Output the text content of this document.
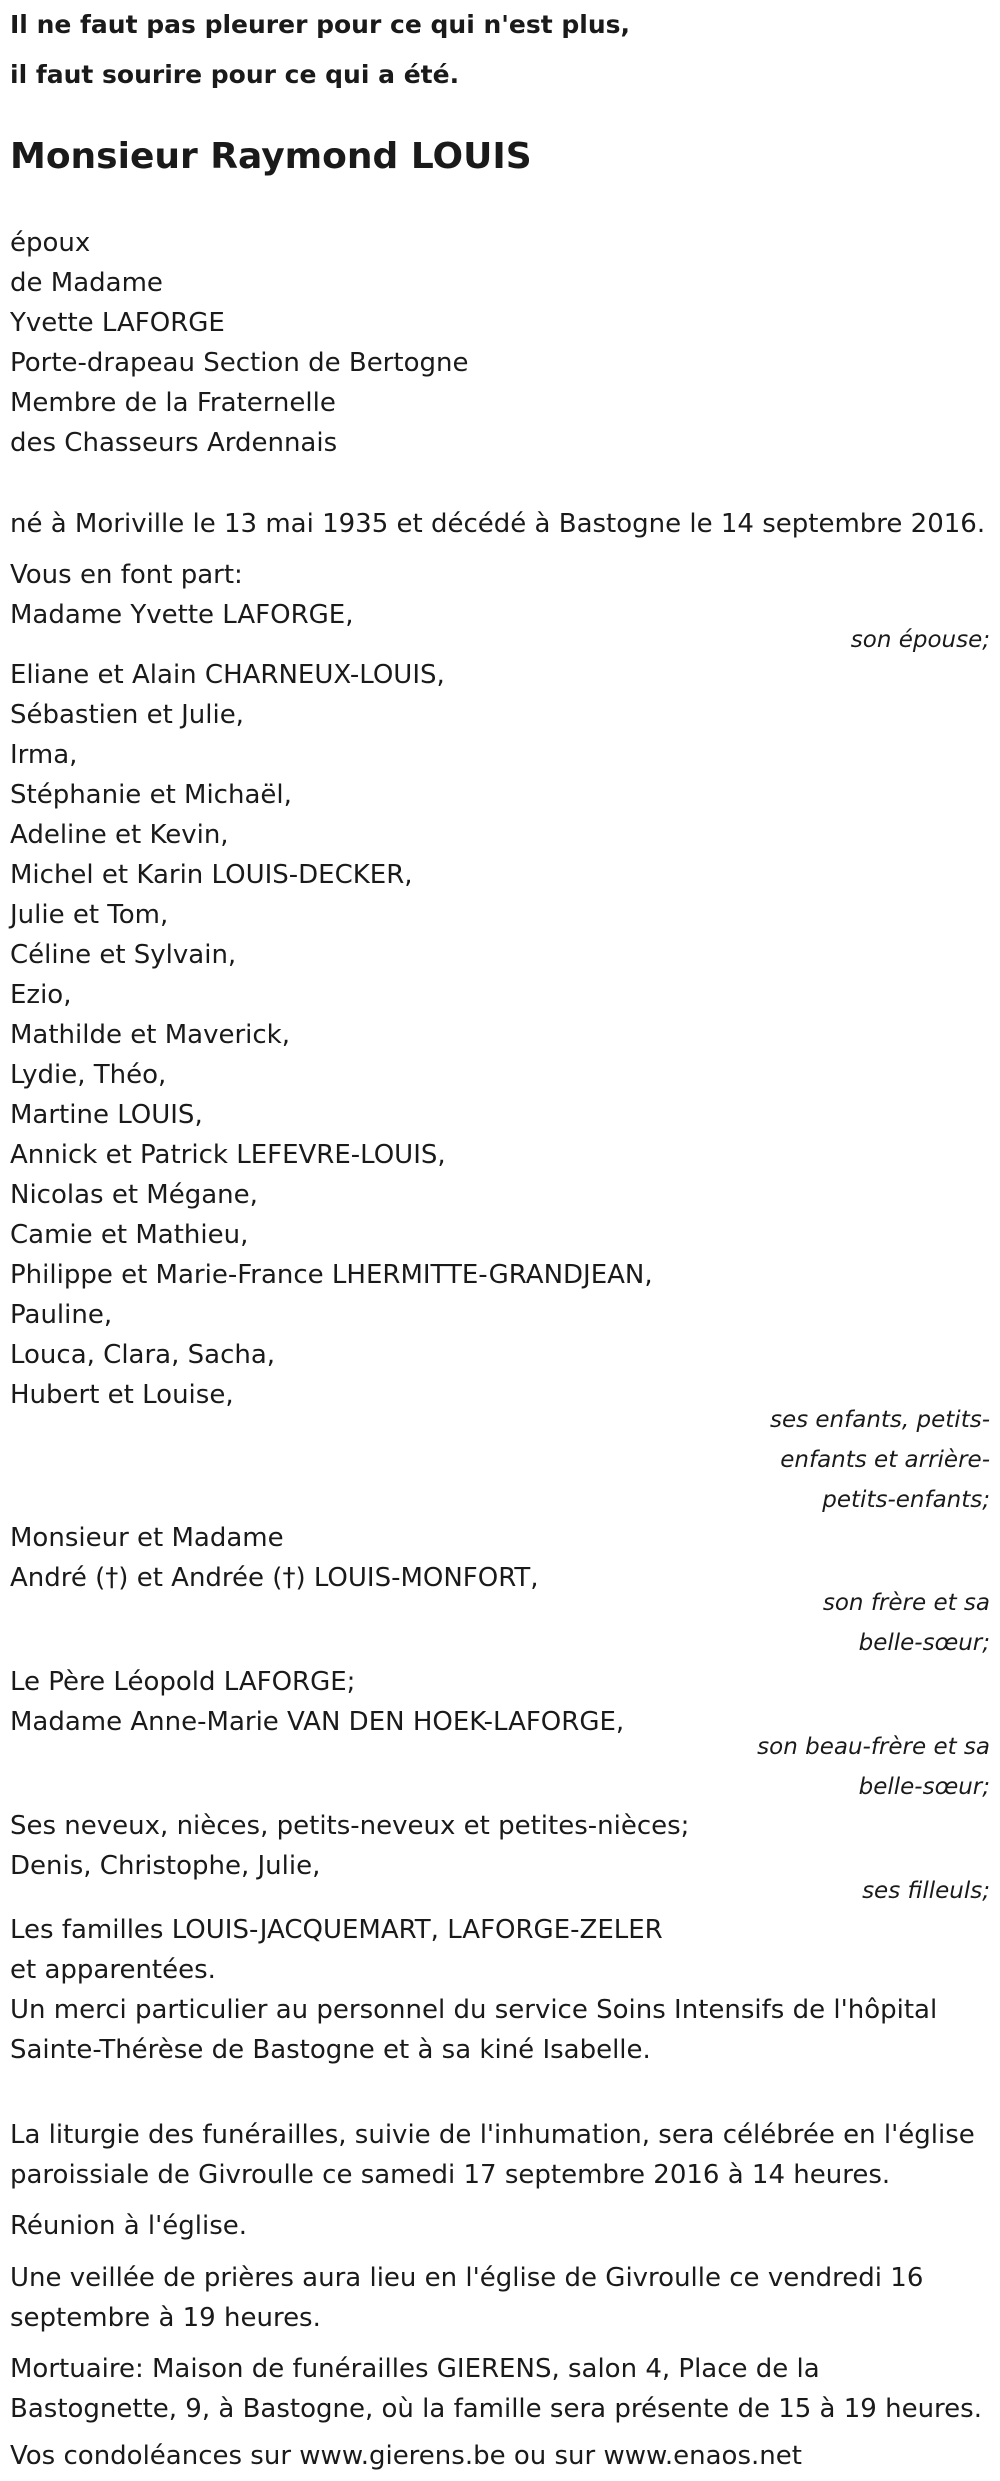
Il ne faut pas pleurer pour ce qui n'est plus,
il faut sourire pour ce qui a été.
Monsieur Raymond LOUIS
époux
de Madame
Yvette LAFORGE
Porte-drapeau Section de Bertogne
Membre de la Fraternelle
des Chasseurs Ardennais
né à Moriville le 13 mai 1935 et décédé à Bastogne le 14 septembre 2016.
Vous en font part:
Madame Yvette LAFORGE,
son épouse;
Eliane et Alain CHARNEUX-LOUIS,
Sébastien et Julie,
Irma,
Stéphanie et Michaël,
Adeline et Kevin,
Michel et Karin LOUIS-DECKER,
Julie et Tom,
Céline et Sylvain,
Ezio,
Mathilde et Maverick,
Lydie, Théo,
Martine LOUIS,
Annick et Patrick LEFEVRE-LOUIS,
Nicolas et Mégane,
Camie et Mathieu,
Philippe et Marie-France LHERMITTE-GRANDJEAN,
Pauline,
Louca, Clara, Sacha,
Hubert et Louise,
ses enfants, petits-
enfants et arrière-
petits-enfants;
Monsieur et Madame
André (†) et Andrée (†) LOUIS-MONFORT,
son frère et sa
belle-sœur;
Le Père Léopold LAFORGE;
Madame Anne-Marie VAN DEN HOEK-LAFORGE,
son beau-frère et sa
belle-sœur;
Ses neveux, nièces, petits-neveux et petites-nièces;
Denis, Christophe, Julie,
ses filleuls;
Les familles LOUIS-JACQUEMART, LAFORGE-ZELER
et apparentées.
Un merci particulier au personnel du service Soins Intensifs de l'hôpital
Sainte-Thérèse de Bastogne et à sa kiné Isabelle.
La liturgie des funérailles, suivie de l'inhumation, sera célébrée en l'église
paroissiale de Givroulle ce samedi 17 septembre 2016 à 14 heures.
Réunion à l'église.
Une veillée de prières aura lieu en l'église de Givroulle ce vendredi 16
septembre à 19 heures.
Mortuaire: Maison de funérailles GIERENS, salon 4, Place de la
Bastognette, 9, à Bastogne, où la famille sera présente de 15 à 19 heures.
Vos condoléances sur www.gierens.be ou sur www.enaos.net
